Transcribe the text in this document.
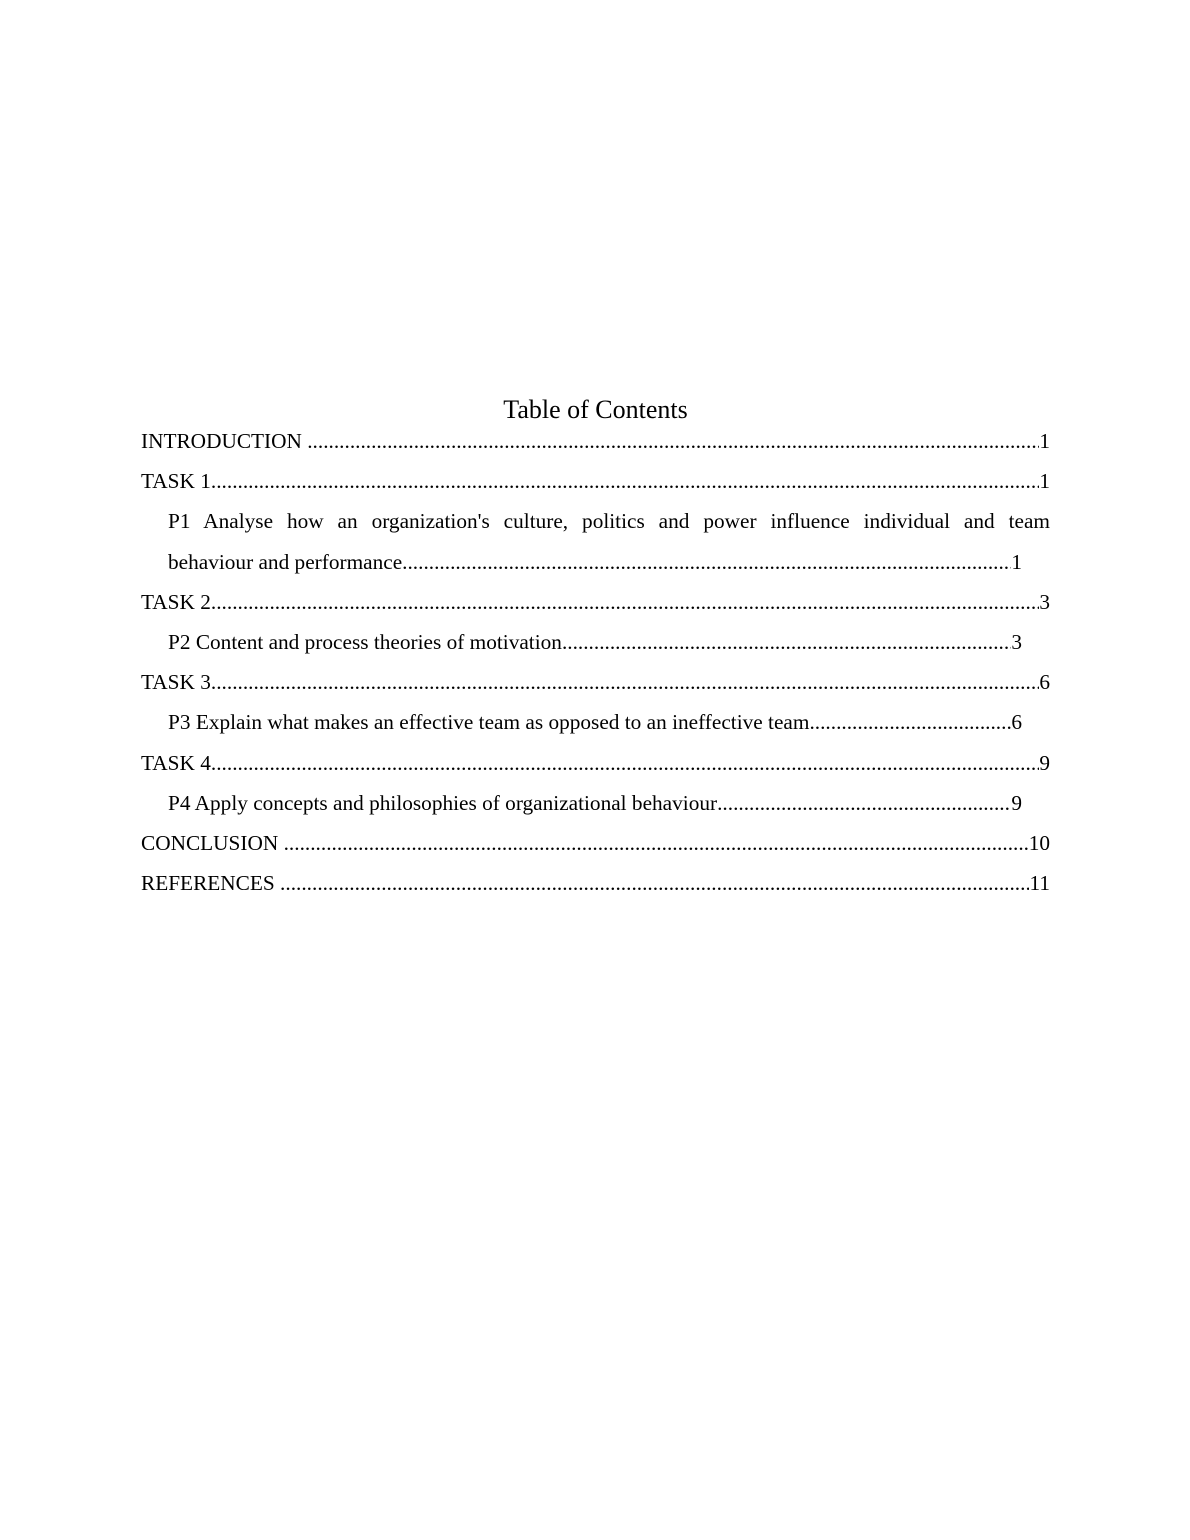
Table of Contents
INTRODUCTION .....	1
TASK 1 .....	1
P1 Analyse how an organization's culture, politics and power influence individual and team
behaviour and performance .....	1
TASK 2 .....	3
P2 Content and process theories of motivation .....	3
TASK 3 .....	6
P3 Explain what makes an effective team as opposed to an ineffective team .....	6
TASK 4 .....	9
P4 Apply concepts and philosophies of organizational behaviour .....	9
CONCLUSION .....	10
REFERENCES .....	11
